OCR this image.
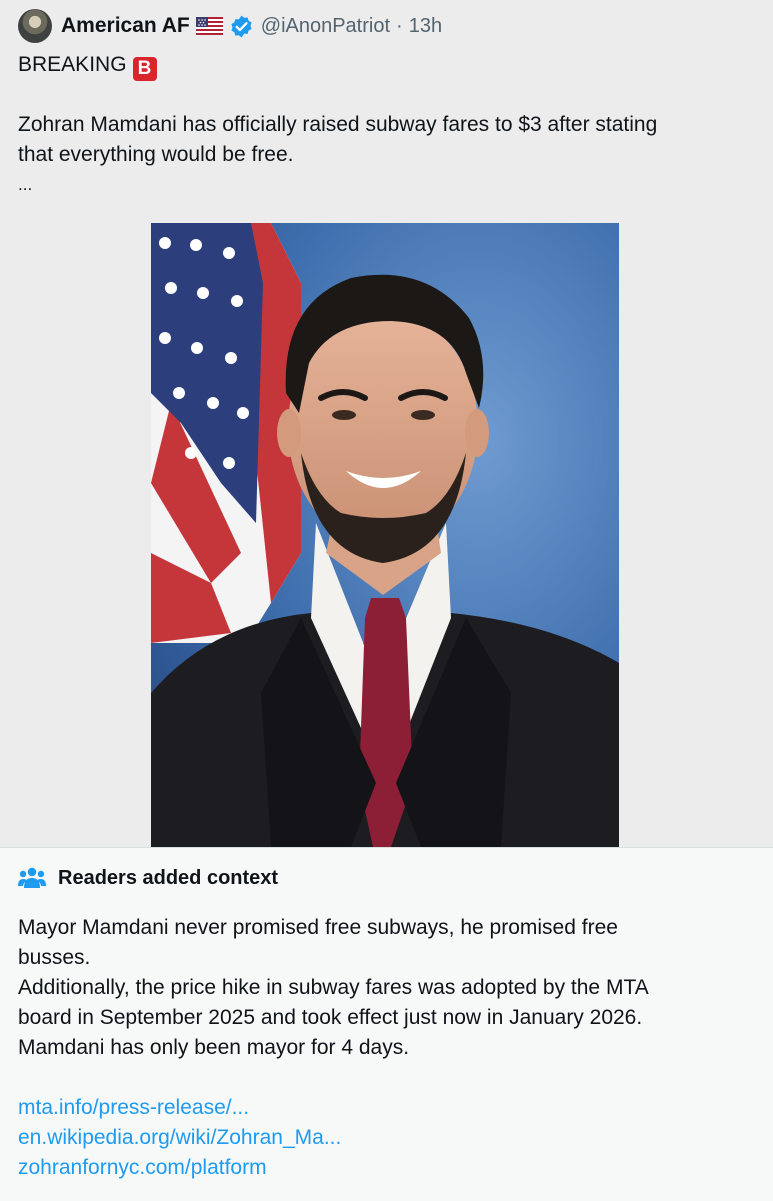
American AF	@iAnonPatriot · 13h
BREAKING B
Zohran Mamdani has officially raised subway fares to $3 after stating
that everything would be free.
...
Readers added context
Mayor Mamdani never promised free subways, he promised free
busses.
Additionally, the price hike in subway fares was adopted by the MTA
board in September 2025 and took effect just now in January 2026.
Mamdani has only been mayor for 4 days.
mta.info/press-release/...
en.wikipedia.org/wiki/Zohran_Ma...
zohranfornyc.com/platform
